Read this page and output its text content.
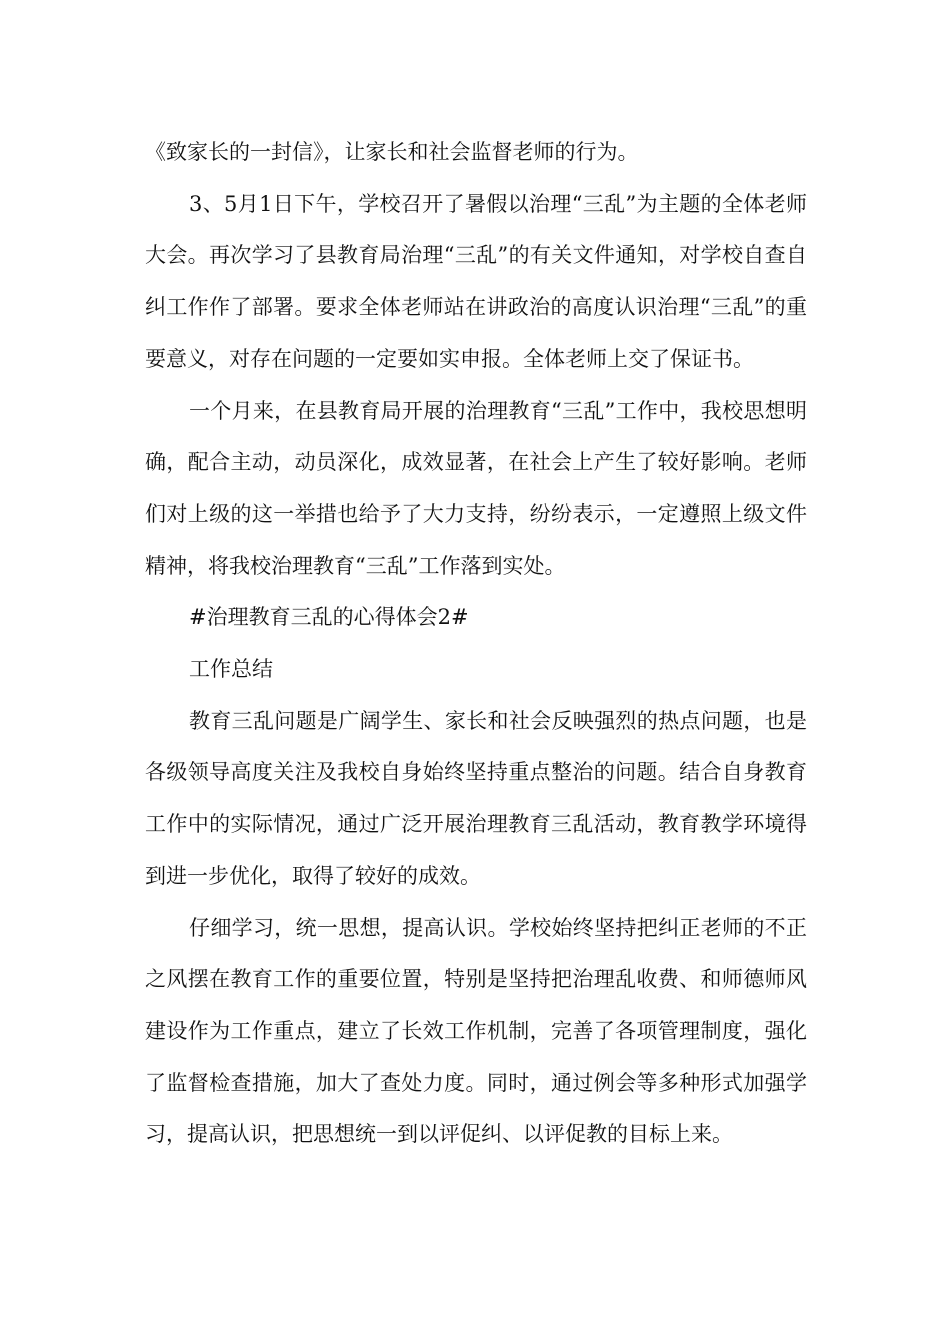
《致家长的一封信》，让家长和社会监督老师的行为。

3、5月1日下午，学校召开了暑假以治理“三乱”为主题的全体老师大会。再次学习了县教育局治理“三乱”的有关文件通知，对学校自查自纠工作作了部署。要求全体老师站在讲政治的高度认识治理“三乱”的重要意义，对存在问题的一定要如实申报。全体老师上交了保证书。

一个月来，在县教育局开展的治理教育“三乱”工作中，我校思想明确，配合主动，动员深化，成效显著，在社会上产生了较好影响。老师们对上级的这一举措也给予了大力支持，纷纷表示，一定遵照上级文件精神，将我校治理教育“三乱”工作落到实处。

#治理教育三乱的心得体会2#

工作总结

教育三乱问题是广阔学生、家长和社会反映强烈的热点问题，也是各级领导高度关注及我校自身始终坚持重点整治的问题。结合自身教育工作中的实际情况，通过广泛开展治理教育三乱活动，教育教学环境得到进一步优化，取得了较好的成效。

仔细学习，统一思想，提高认识。学校始终坚持把纠正老师的不正之风摆在教育工作的重要位置，特别是坚持把治理乱收费、和师德师风建设作为工作重点，建立了长效工作机制，完善了各项管理制度，强化了监督检查措施，加大了查处力度。同时，通过例会等多种形式加强学习，提高认识，把思想统一到以评促纠、以评促教的目标上来。
